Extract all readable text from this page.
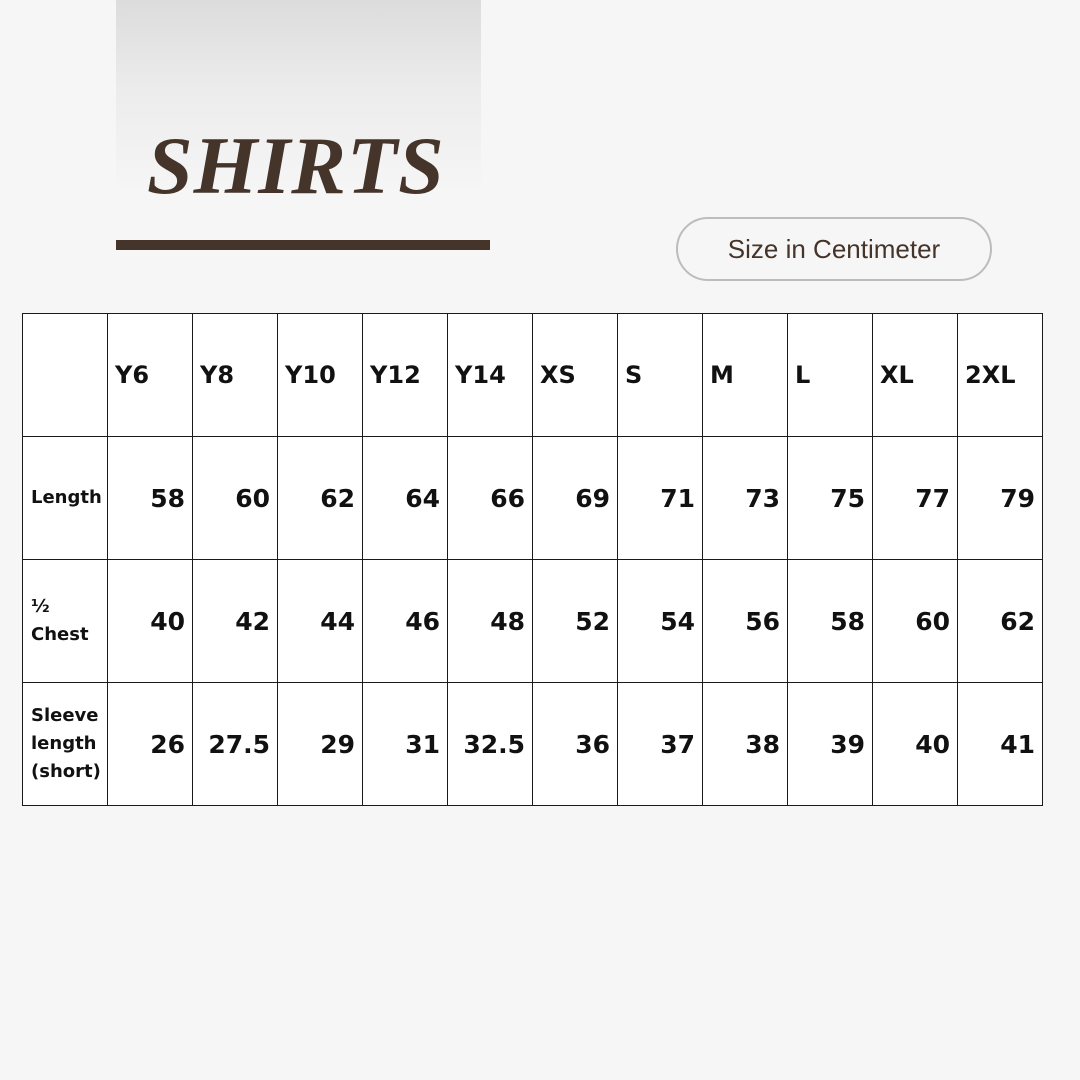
SHIRTS
Size in Centimeter
	Y6	Y8	Y10	Y12	Y14	XS	S	M	L	XL	2XL
Length	58	60	62	64	66	69	71	73	75	77	79
½
Chest	40	42	44	46	48	52	54	56	58	60	62
Sleeve
length
(short)	26	27.5	29	31	32.5	36	37	38	39	40	41
